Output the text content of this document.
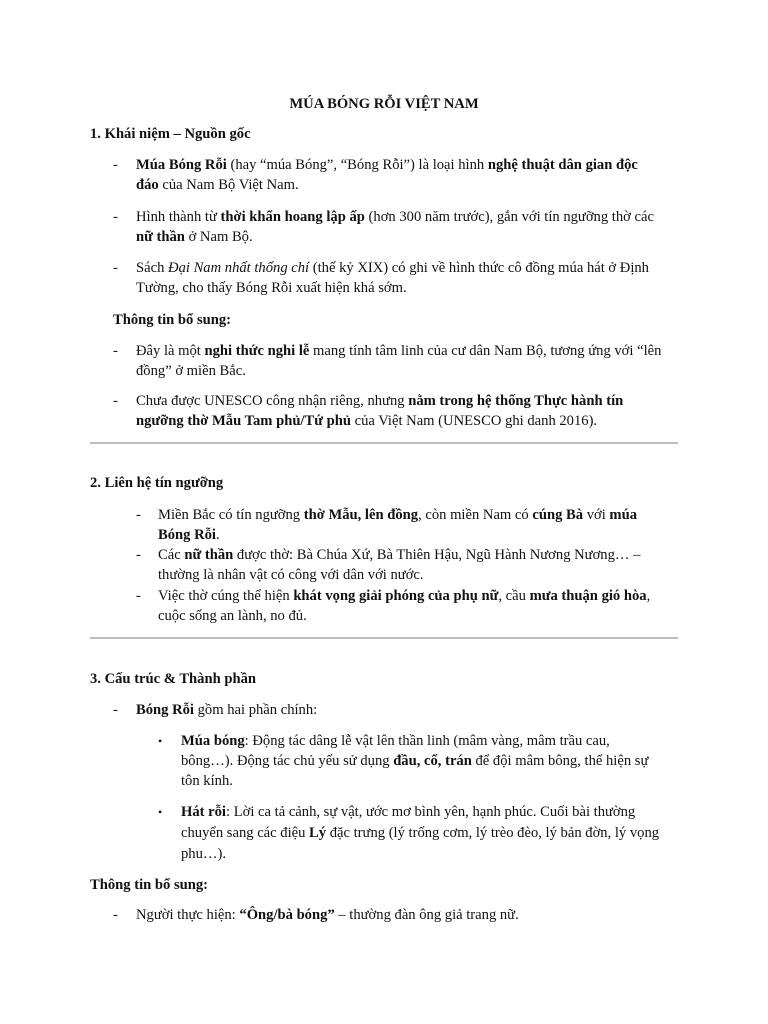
MÚA BÓNG RỖI VIỆT NAM
1. Khái niệm – Nguồn gốc
-	Múa Bóng Rỗi (hay “múa Bóng”, “Bóng Rỗi”) là loại hình nghệ thuật dân gian độc
đáo của Nam Bộ Việt Nam.
-	Hình thành từ thời khẩn hoang lập ấp (hơn 300 năm trước), gắn với tín ngưỡng thờ các
nữ thần ở Nam Bộ.
-	Sách Đại Nam nhất thống chí (thế kỷ XIX) có ghi về hình thức cô đồng múa hát ở Định
Tường, cho thấy Bóng Rỗi xuất hiện khá sớm.
Thông tin bổ sung:
-	Đây là một nghi thức nghi lễ mang tính tâm linh của cư dân Nam Bộ, tương ứng với “lên
đồng” ở miền Bắc.
-	Chưa được UNESCO công nhận riêng, nhưng nằm trong hệ thống Thực hành tín
ngưỡng thờ Mẫu Tam phủ/Tứ phủ của Việt Nam (UNESCO ghi danh 2016).
2. Liên hệ tín ngưỡng
-	Miền Bắc có tín ngưỡng thờ Mẫu, lên đồng, còn miền Nam có cúng Bà với múa
Bóng Rỗi.
-	Các nữ thần được thờ: Bà Chúa Xứ, Bà Thiên Hậu, Ngũ Hành Nương Nương… –
thường là nhân vật có công với dân với nước.
-	Việc thờ cúng thể hiện khát vọng giải phóng của phụ nữ, cầu mưa thuận gió hòa,
cuộc sống an lành, no đủ.
3. Cấu trúc & Thành phần
-	Bóng Rỗi gồm hai phần chính:
• Múa bóng: Động tác dâng lễ vật lên thần linh (mâm vàng, mâm trầu cau,
bông…). Động tác chủ yếu sử dụng đầu, cổ, trán để đội mâm bông, thể hiện sự
tôn kính.
• Hát rỗi: Lời ca tả cảnh, sự vật, ước mơ bình yên, hạnh phúc. Cuối bài thường
chuyển sang các điệu Lý đặc trưng (lý trống cơm, lý trèo đèo, lý bản đờn, lý vọng
phu…).
Thông tin bổ sung:
-	Người thực hiện: “Ông/bà bóng” – thường đàn ông giả trang nữ.
